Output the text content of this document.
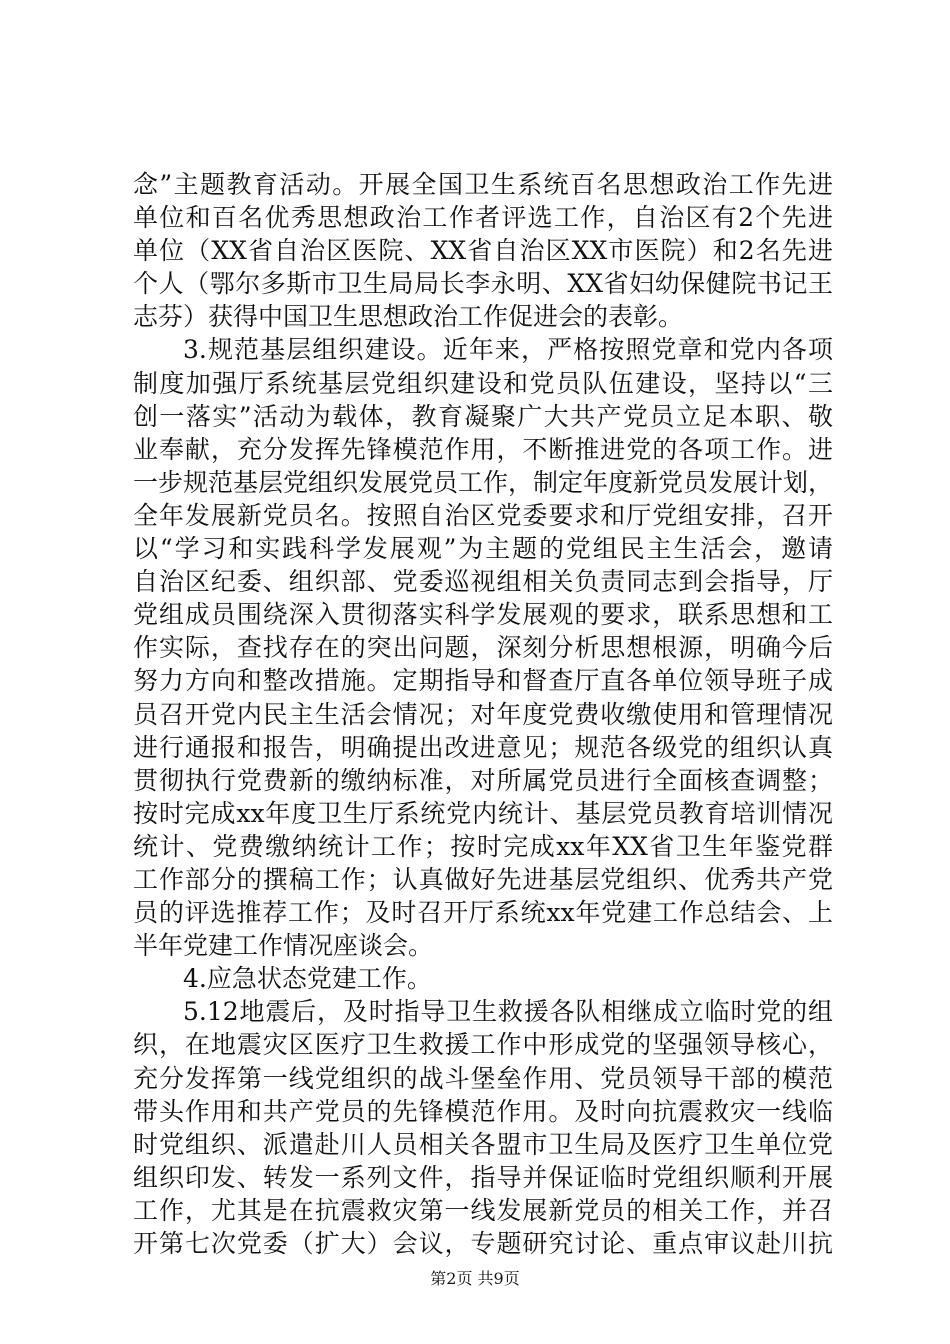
念”主题教育活动。开展全国卫生系统百名思想政治工作先进
单位和百名优秀思想政治工作者评选工作，自治区有2个先进
单位（XX省自治区医院、XX省自治区XX市医院）和2名先进
个人（鄂尔多斯市卫生局局长李永明、XX省妇幼保健院书记王
志芬）获得中国卫生思想政治工作促进会的表彰。
3.规范基层组织建设。近年来，严格按照党章和党内各项
制度加强厅系统基层党组织建设和党员队伍建设，坚持以“三
创一落实”活动为载体，教育凝聚广大共产党员立足本职、敬
业奉献，充分发挥先锋模范作用，不断推进党的各项工作。进
一步规范基层党组织发展党员工作，制定年度新党员发展计划，
全年发展新党员名。按照自治区党委要求和厅党组安排，召开
以“学习和实践科学发展观”为主题的党组民主生活会，邀请
自治区纪委、组织部、党委巡视组相关负责同志到会指导，厅
党组成员围绕深入贯彻落实科学发展观的要求，联系思想和工
作实际，查找存在的突出问题，深刻分析思想根源，明确今后
努力方向和整改措施。定期指导和督查厅直各单位领导班子成
员召开党内民主生活会情况；对年度党费收缴使用和管理情况
进行通报和报告，明确提出改进意见；规范各级党的组织认真
贯彻执行党费新的缴纳标准，对所属党员进行全面核查调整；
按时完成xx年度卫生厅系统党内统计、基层党员教育培训情况
统计、党费缴纳统计工作；按时完成xx年XX省卫生年鉴党群
工作部分的撰稿工作；认真做好先进基层党组织、优秀共产党
员的评选推荐工作；及时召开厅系统xx年党建工作总结会、上
半年党建工作情况座谈会。
4.应急状态党建工作。
5.12地震后，及时指导卫生救援各队相继成立临时党的组
织，在地震灾区医疗卫生救援工作中形成党的坚强领导核心，
充分发挥第一线党组织的战斗堡垒作用、党员领导干部的模范
带头作用和共产党员的先锋模范作用。及时向抗震救灾一线临
时党组织、派遣赴川人员相关各盟市卫生局及医疗卫生单位党
组织印发、转发一系列文件，指导并保证临时党组织顺利开展
工作，尤其是在抗震救灾第一线发展新党员的相关工作，并召
开第七次党委（扩大）会议，专题研究讨论、重点审议赴川抗
第2页 共9页
